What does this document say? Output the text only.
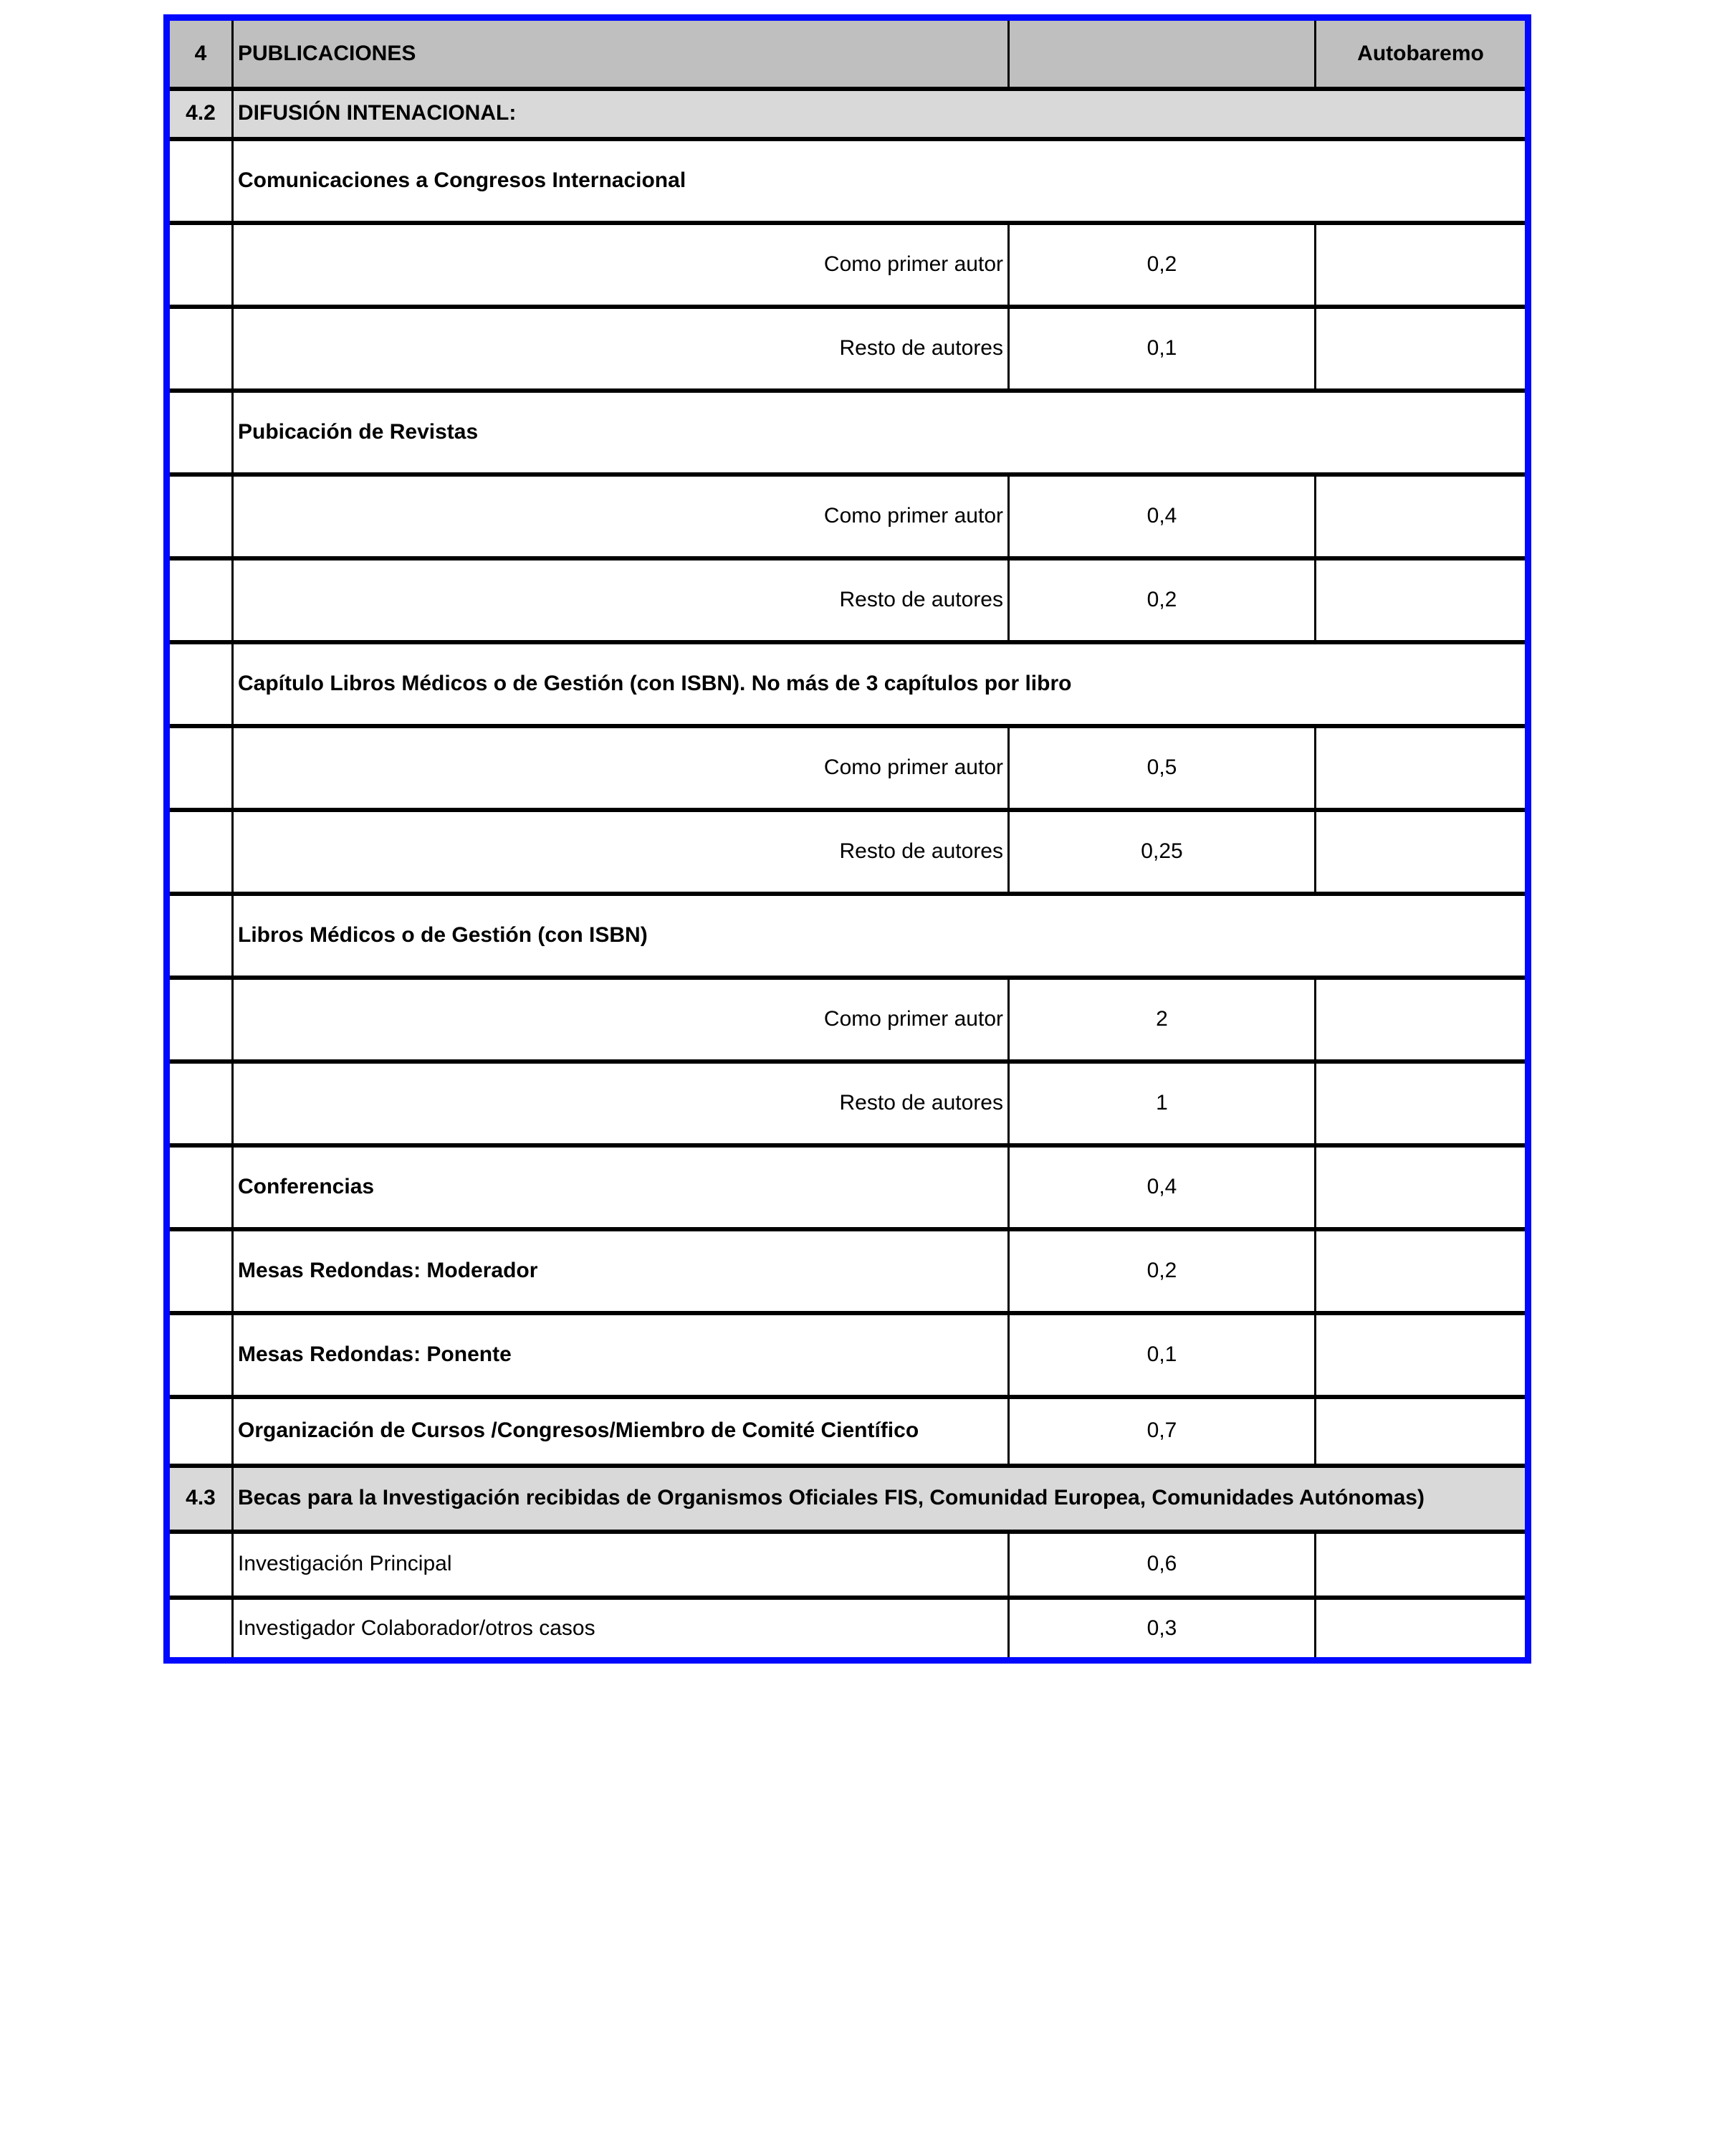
4	PUBLICACIONES		Autobaremo
4.2	DIFUSIÓN INTENACIONAL:		
	Comunicaciones a Congresos Internacional		
	Como primer autor	0,2	
	Resto de autores	0,1	
	Pubicación de Revistas		
	Como primer autor	0,4	
	Resto de autores	0,2	
	Capítulo Libros Médicos o de Gestión (con ISBN). No más de 3 capítulos por libro		
	Como primer autor	0,5	
	Resto de autores	0,25	
	Libros Médicos o de Gestión (con ISBN)		
	Como primer autor	2	
	Resto de autores	1	
	Conferencias	0,4	
	Mesas Redondas: Moderador	0,2	
	Mesas Redondas: Ponente	0,1	
	Organización de Cursos /Congresos/Miembro de Comité Científico	0,7	
4.3	Becas para la Investigación recibidas de Organismos Oficiales FIS, Comunidad Europea, Comunidades Autónomas)		
	Investigación Principal	0,6	
	Investigador Colaborador/otros casos	0,3	
